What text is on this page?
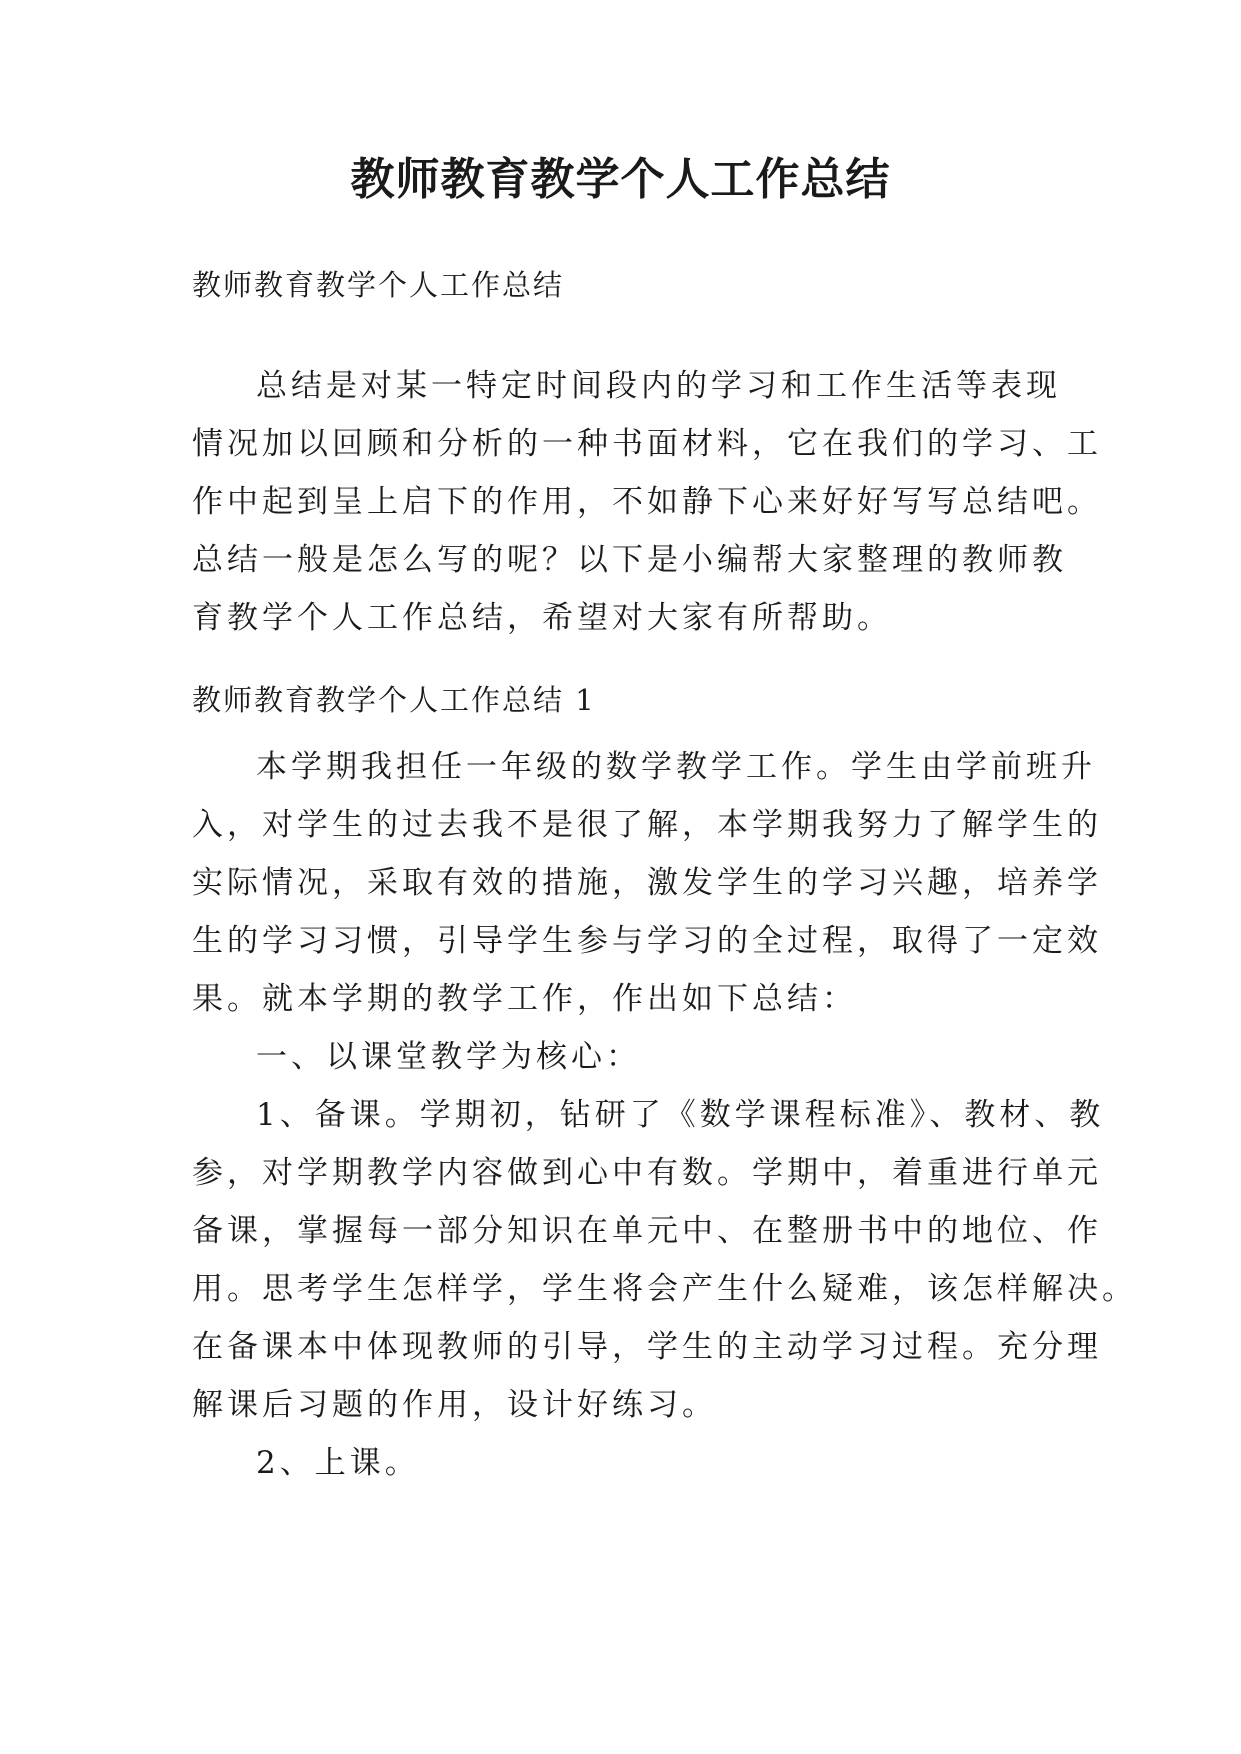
教师教育教学个人工作总结

教师教育教学个人工作总结

总结是对某一特定时间段内的学习和工作生活等表现
情况加以回顾和分析的一种书面材料，它在我们的学习、工
作中起到呈上启下的作用，不如静下心来好好写写总结吧。
总结一般是怎么写的呢？以下是小编帮大家整理的教师教
育教学个人工作总结，希望对大家有所帮助。

教师教育教学个人工作总结 1

本学期我担任一年级的数学教学工作。学生由学前班升
入，对学生的过去我不是很了解，本学期我努力了解学生的
实际情况，采取有效的措施，激发学生的学习兴趣，培养学
生的学习习惯，引导学生参与学习的全过程，取得了一定效
果。就本学期的教学工作，作出如下总结：
一、以课堂教学为核心：
1、备课。学期初，钻研了《数学课程标准》、教材、教
参，对学期教学内容做到心中有数。学期中，着重进行单元
备课，掌握每一部分知识在单元中、在整册书中的地位、作
用。思考学生怎样学，学生将会产生什么疑难，该怎样解决。
在备课本中体现教师的引导，学生的主动学习过程。充分理
解课后习题的作用，设计好练习。
2、上课。
